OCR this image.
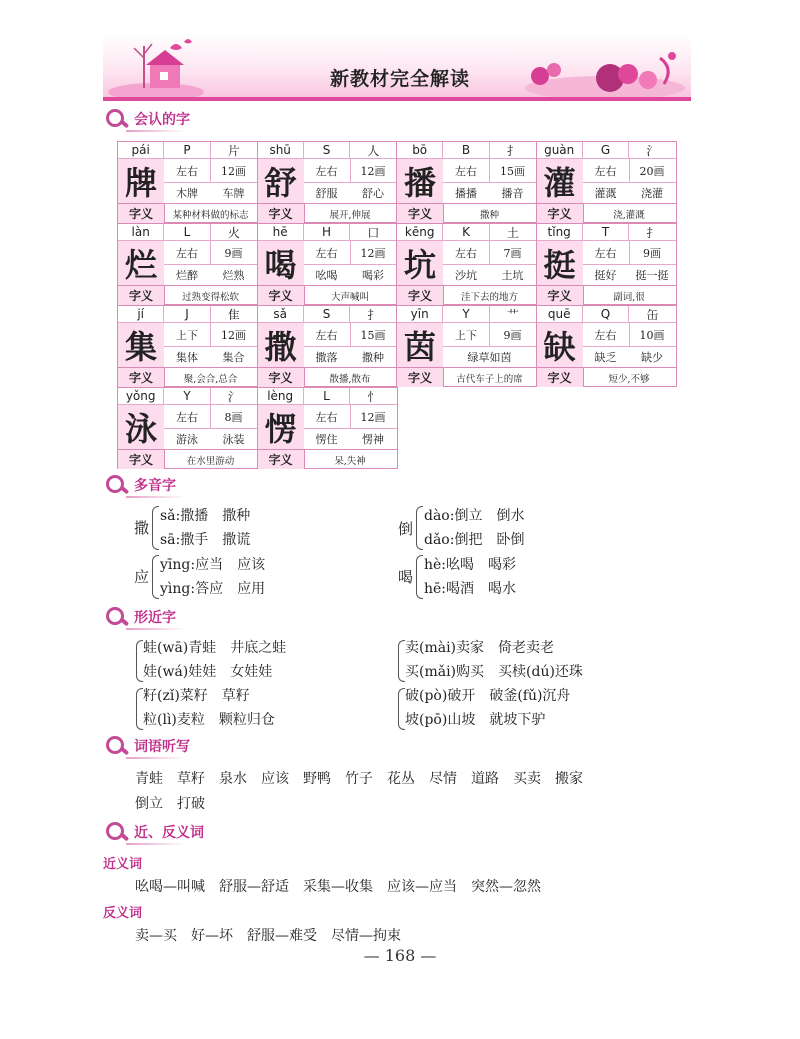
新教材完全解读
会认的字
pái	P	片
牌	左右	12画
木牌	车牌
字义	某种材料做的标志
shū	S	人
舒	左右	12画
舒服	舒心
字义	展开,伸展
bō	B	扌
播	左右	15画
播播	播音
字义	撒种
guàn	G	氵
灌	左右	20画
灌溉	浇灌
字义	浇,灌溉
làn	L	火
烂	左右	9画
烂醉	烂熟
字义	过熟变得松软
hē	H	口
喝	左右	12画
吆喝	喝彩
字义	大声喊叫
kēng	K	土
坑	左右	7画
沙坑	土坑
字义	洼下去的地方
tǐng	T	扌
挺	左右	9画
挺好	挺一挺
字义	副词,很
jí	J	隹
集	上下	12画
集体	集合
字义	聚,会合,总合
sǎ	S	扌
撒	左右	15画
撒落	撒种
字义	散播,散布
yīn	Y	艹
茵	上下	9画
绿草如茵
字义	古代车子上的席
quē	Q	缶
缺	左右	10画
缺乏	缺少
字义	短少,不够
yǒng	Y	氵
泳	左右	8画
游泳	泳装
字义	在水里游动
lèng	L	忄
愣	左右	12画
愣住	愣神
字义	呆,失神
多音字
撒
sǎ:撒播　撒种
sā:撒手　撒谎
应
yīng:应当　应该
yìng:答应　应用
倒
dào:倒立　倒水
dǎo:倒把　卧倒
喝
hè:吆喝　喝彩
hē:喝酒　喝水
形近字
蛙(wā)青蛙　井底之蛙
娃(wá)娃娃　女娃娃
籽(zǐ)菜籽　草籽
粒(lì)麦粒　颗粒归仓
卖(mài)卖家　倚老卖老
买(mǎi)购买　买椟(dú)还珠
破(pò)破开　破釜(fǔ)沉舟
坡(pō)山坡　就坡下驴
词语听写
青蛙　草籽　泉水　应该　野鸭　竹子　花丛　尽情　道路　买卖　搬家
倒立　打破
近、反义词
近义词
吆喝—叫喊　舒服—舒适　采集—收集　应该—应当　突然—忽然
反义词
卖—买　好—坏　舒服—难受　尽情—拘束
— 168 —
